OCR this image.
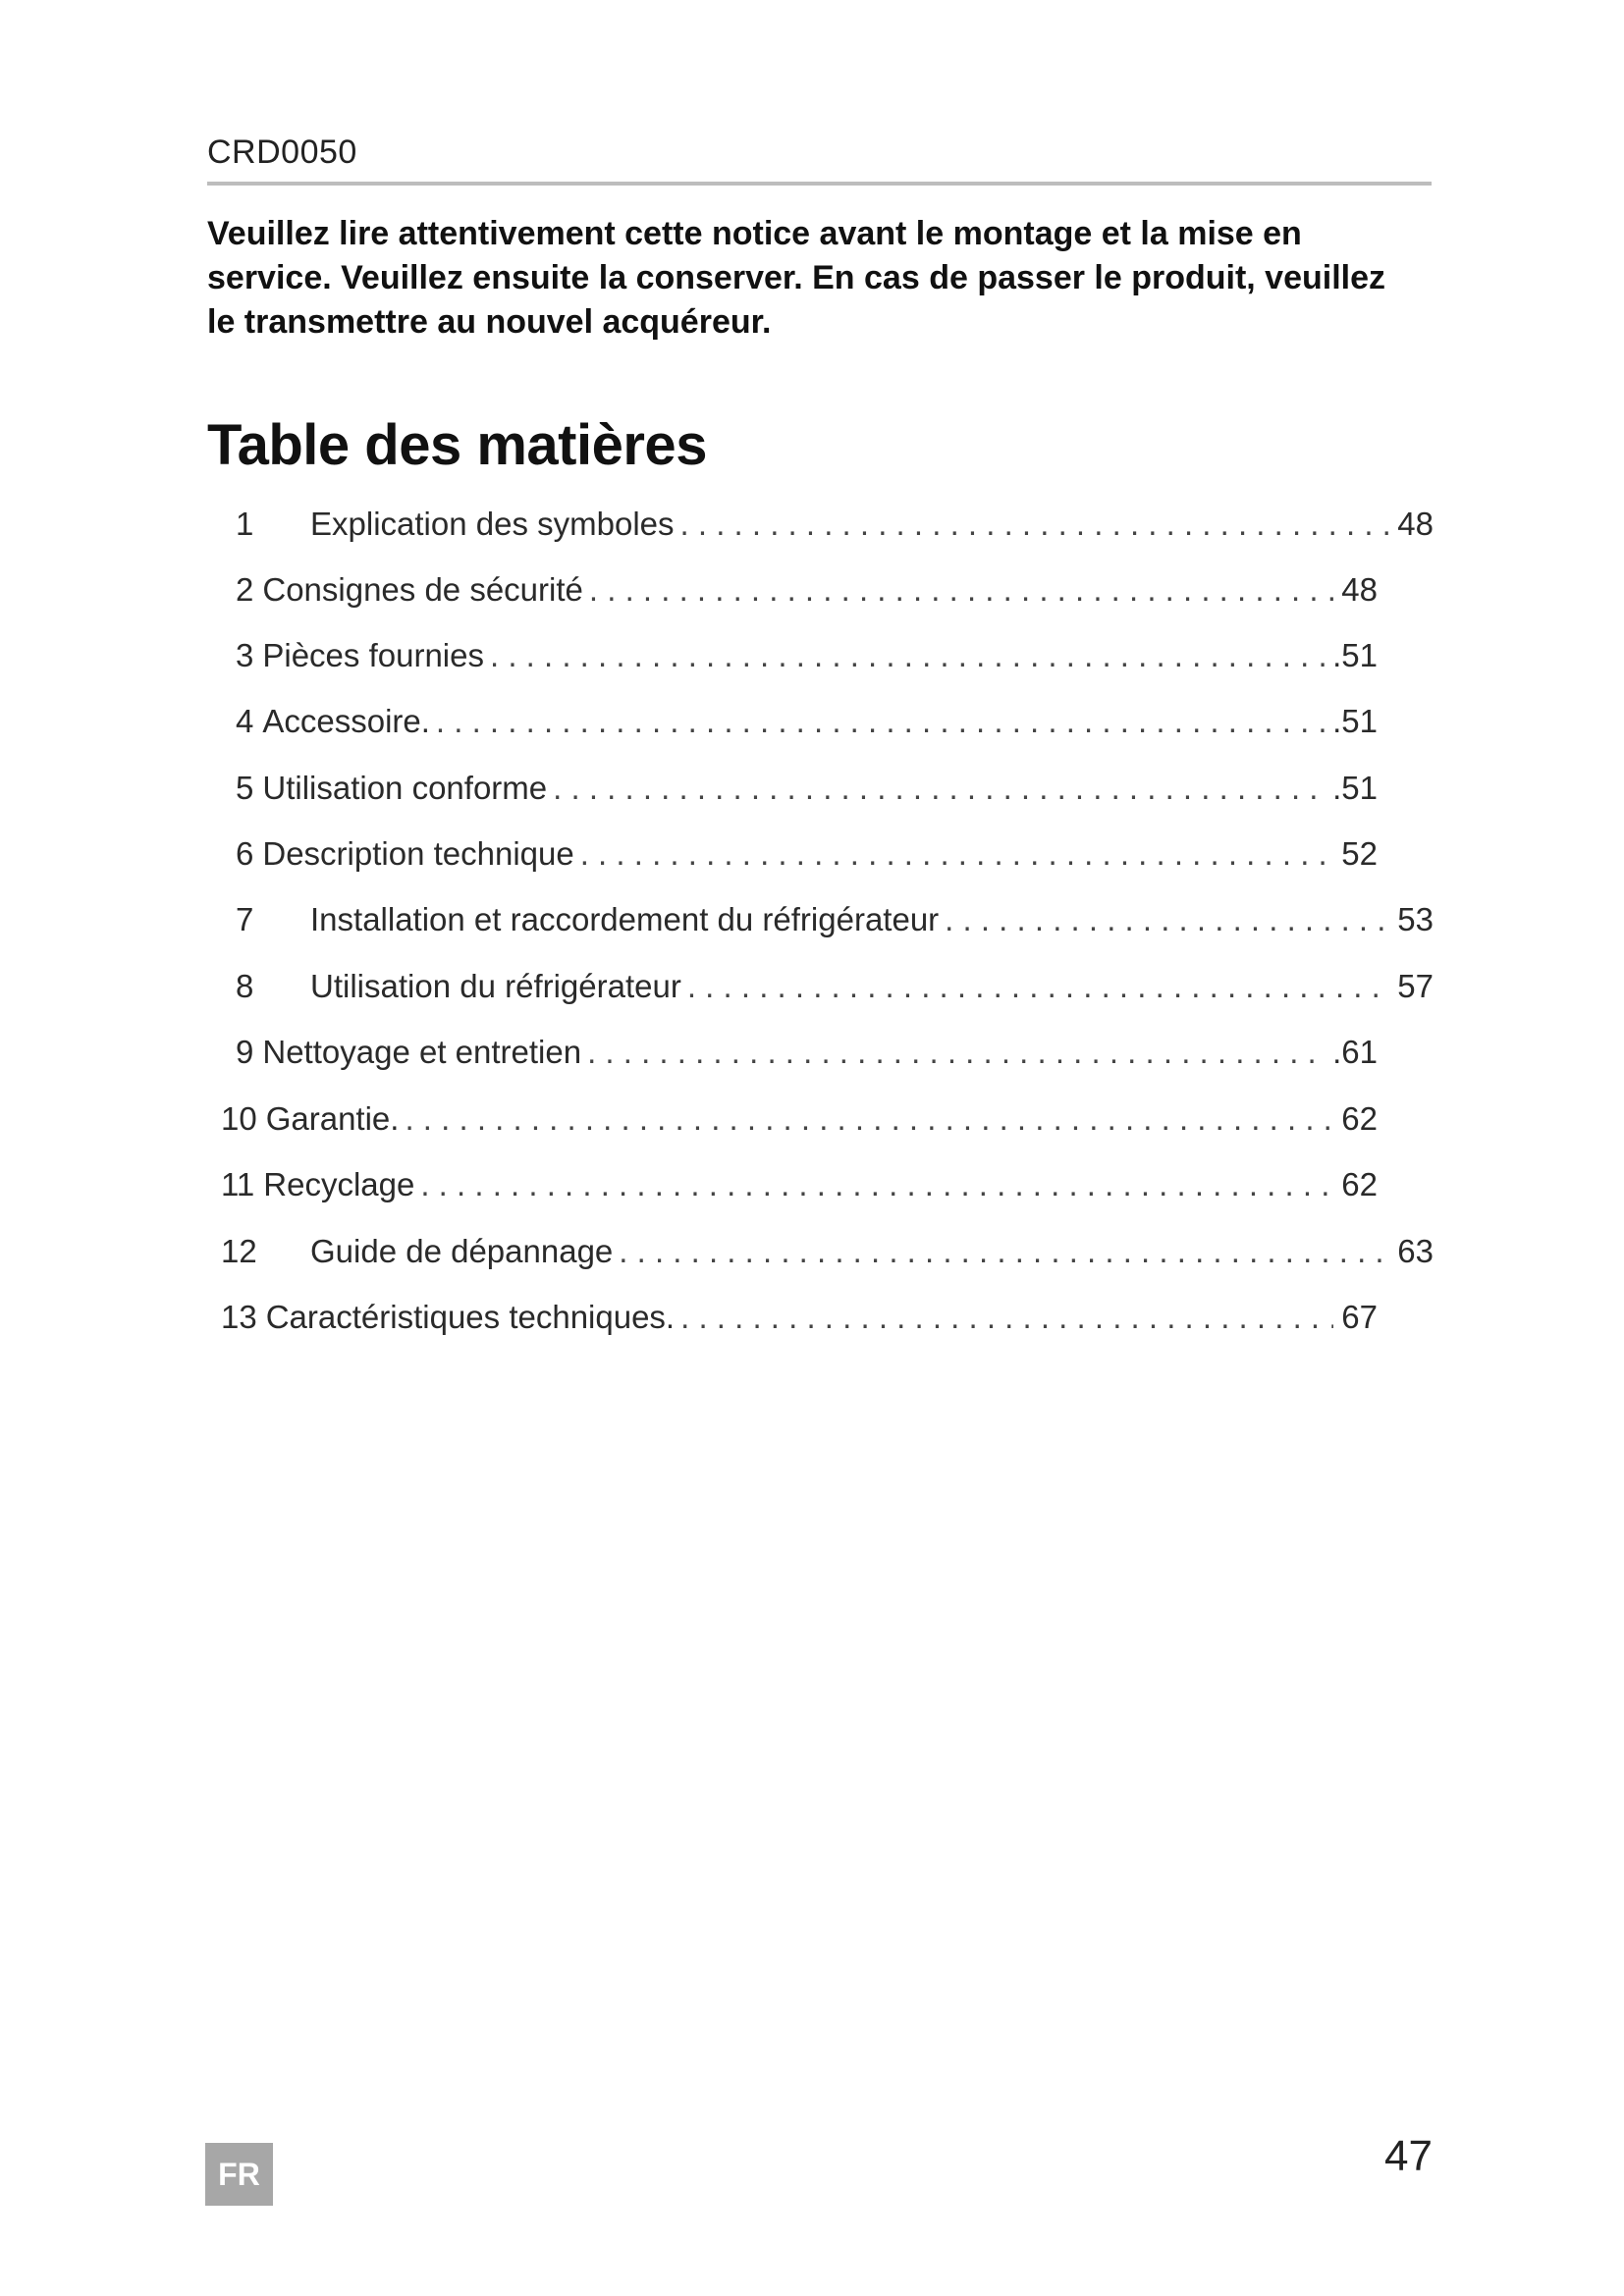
CRD0050

Veuillez lire attentivement cette notice avant le montage et la mise en
service. Veuillez ensuite la conserver. En cas de passer le produit, veuillez
le transmettre au nouvel acquéreur.

Table des matières
1	Explication des symboles . . .	48
2 Consignes de sécurité . . .	48
3 Pièces fournies . . .	.51
4 Accessoire. . . .	.51
5 Utilisation conforme . . .	.51
6 Description technique . . .	52
7	Installation et raccordement du réfrigérateur . . .	53
8	Utilisation du réfrigérateur . . .	57
9 Nettoyage et entretien . . .	.61
10 Garantie. . . .	62
11 Recyclage . . .	62
12	Guide de dépannage . . .	63
13 Caractéristiques techniques. . . .	67
FR	47
